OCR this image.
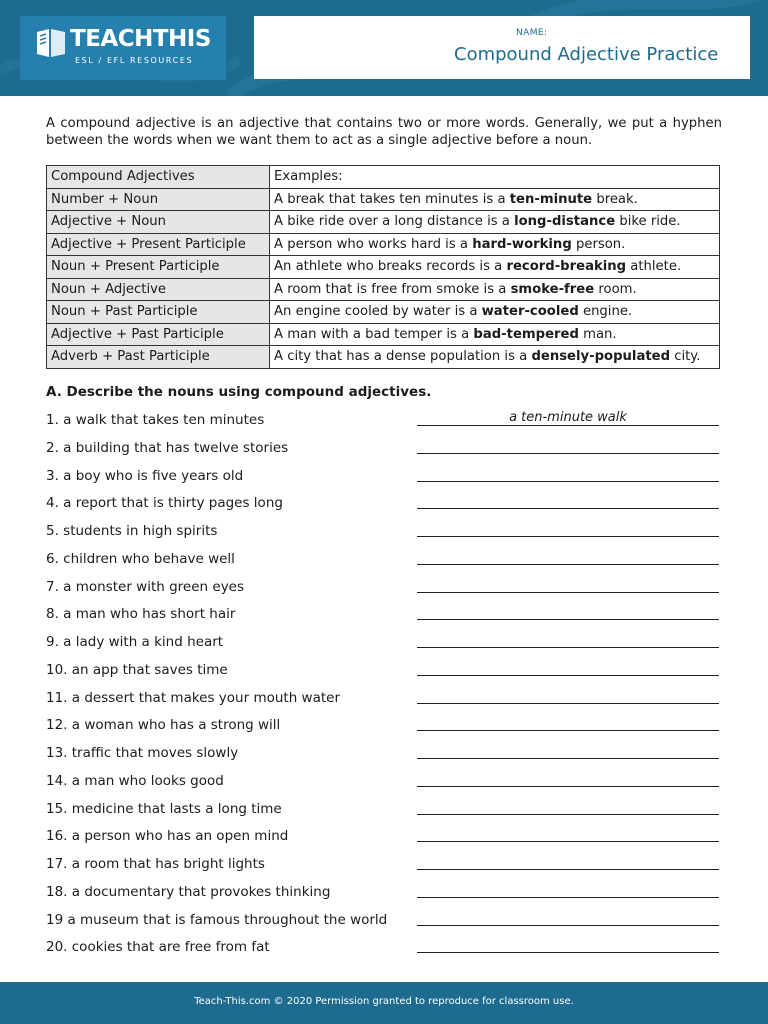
TEACHTHIS
ESL / EFL RESOURCES
NAME:
Compound Adjective Practice
A compound adjective is an adjective that contains two or more words. Generally, we put a hyphen between the words when we want them to act as a single adjective before a noun.
Compound Adjectives	Examples:
Number + Noun	A break that takes ten minutes is a ten-minute break.
Adjective + Noun	A bike ride over a long distance is a long-distance bike ride.
Adjective + Present Participle	A person who works hard is a hard-working person.
Noun + Present Participle	An athlete who breaks records is a record-breaking athlete.
Noun + Adjective	A room that is free from smoke is a smoke-free room.
Noun + Past Participle	An engine cooled by water is a water-cooled engine.
Adjective + Past Participle	A man with a bad temper is a bad-tempered man.
Adverb + Past Participle	A city that has a dense population is a densely-populated city.
A. Describe the nouns using compound adjectives.
1. a walk that takes ten minutes	a ten-minute walk
2. a building that has twelve stories
3. a boy who is five years old
4. a report that is thirty pages long
5. students in high spirits
6. children who behave well
7. a monster with green eyes
8. a man who has short hair
9. a lady with a kind heart
10. an app that saves time
11. a dessert that makes your mouth water
12. a woman who has a strong will
13. traffic that moves slowly
14. a man who looks good
15. medicine that lasts a long time
16. a person who has an open mind
17. a room that has bright lights
18. a documentary that provokes thinking
19 a museum that is famous throughout the world
20. cookies that are free from fat
Teach-This.com © 2020 Permission granted to reproduce for classroom use.
